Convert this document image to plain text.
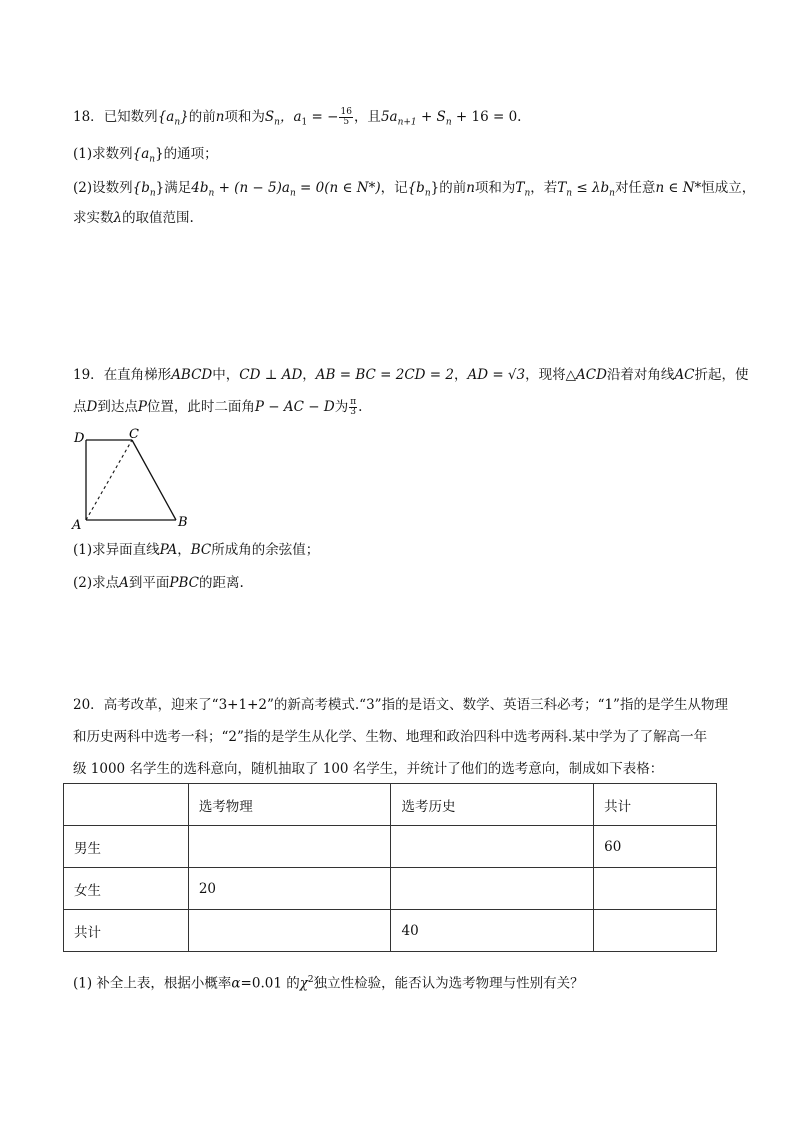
18．已知数列$\{a_n\}$的前n项和为$S_n$，$a_1$ = − $\frac{16}{5}$ ，且$5a_{n+1} + S_n + 16 = 0$.
(1)求数列$\{a_n\}$的通项；
(2)设数列$\{b_n\}$满足$4b_n + (n - 5)a_n = 0(n$ ∈ N*)，记$\{b_n\}$的前n项和为$T_n$，若$T_n \le \lambda b_n$对任意n ∈ N*恒成立，
求实数λ的取值范围.
19．在直角梯形ABCD中，CD ⊥ AD，AB = BC = 2CD = 2，AD = √3，现将△ACD沿着对角线AC折起，使
点D到达点P位置，此时二面角P − AC − D为 $\frac{\pi}{3}$ .
D	C
A	B
(1)求异面直线PA，BC所成角的余弦值；
(2)求点A到平面PBC的距离.
20．高考改革，迎来了“3+1+2”的新高考模式.“3”指的是语文、数学、英语三科必考；“1”指的是学生从物理
和历史两科中选考一科；“2”指的是学生从化学、生物、地理和政治四科中选考两科.某中学为了了解高一年
级 1000 名学生的选科意向，随机抽取了 100 名学生，并统计了他们的选考意向，制成如下表格：
	选考物理	选考历史	共计
男生			60
女生	20		
共计		40	
(1) 补全上表，根据小概率α=0.01 的$\chi^2$独立性检验，能否认为选考物理与性别有关？
